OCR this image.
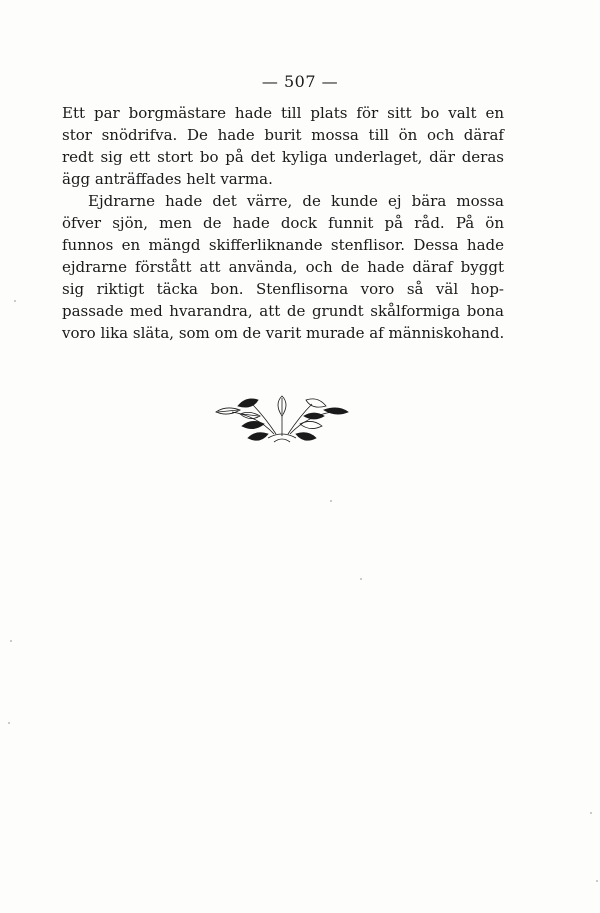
— 507 —
Ett par borgmästare hade till plats för sitt bo valt en
stor snödrifva. De hade burit mossa till ön och däraf
redt sig ett stort bo på det kyliga underlaget, där deras
ägg anträffades helt varma.
Ejdrarne hade det värre, de kunde ej bära mossa
öfver sjön, men de hade dock funnit på råd. På ön
funnos en mängd skifferliknande stenflisor. Dessa hade
ejdrarne förstått att använda, och de hade däraf byggt
sig riktigt täcka bon. Stenflisorna voro så väl hop-
passade med hvarandra, att de grundt skålformiga bona
voro lika släta, som om de varit murade af människohand.
